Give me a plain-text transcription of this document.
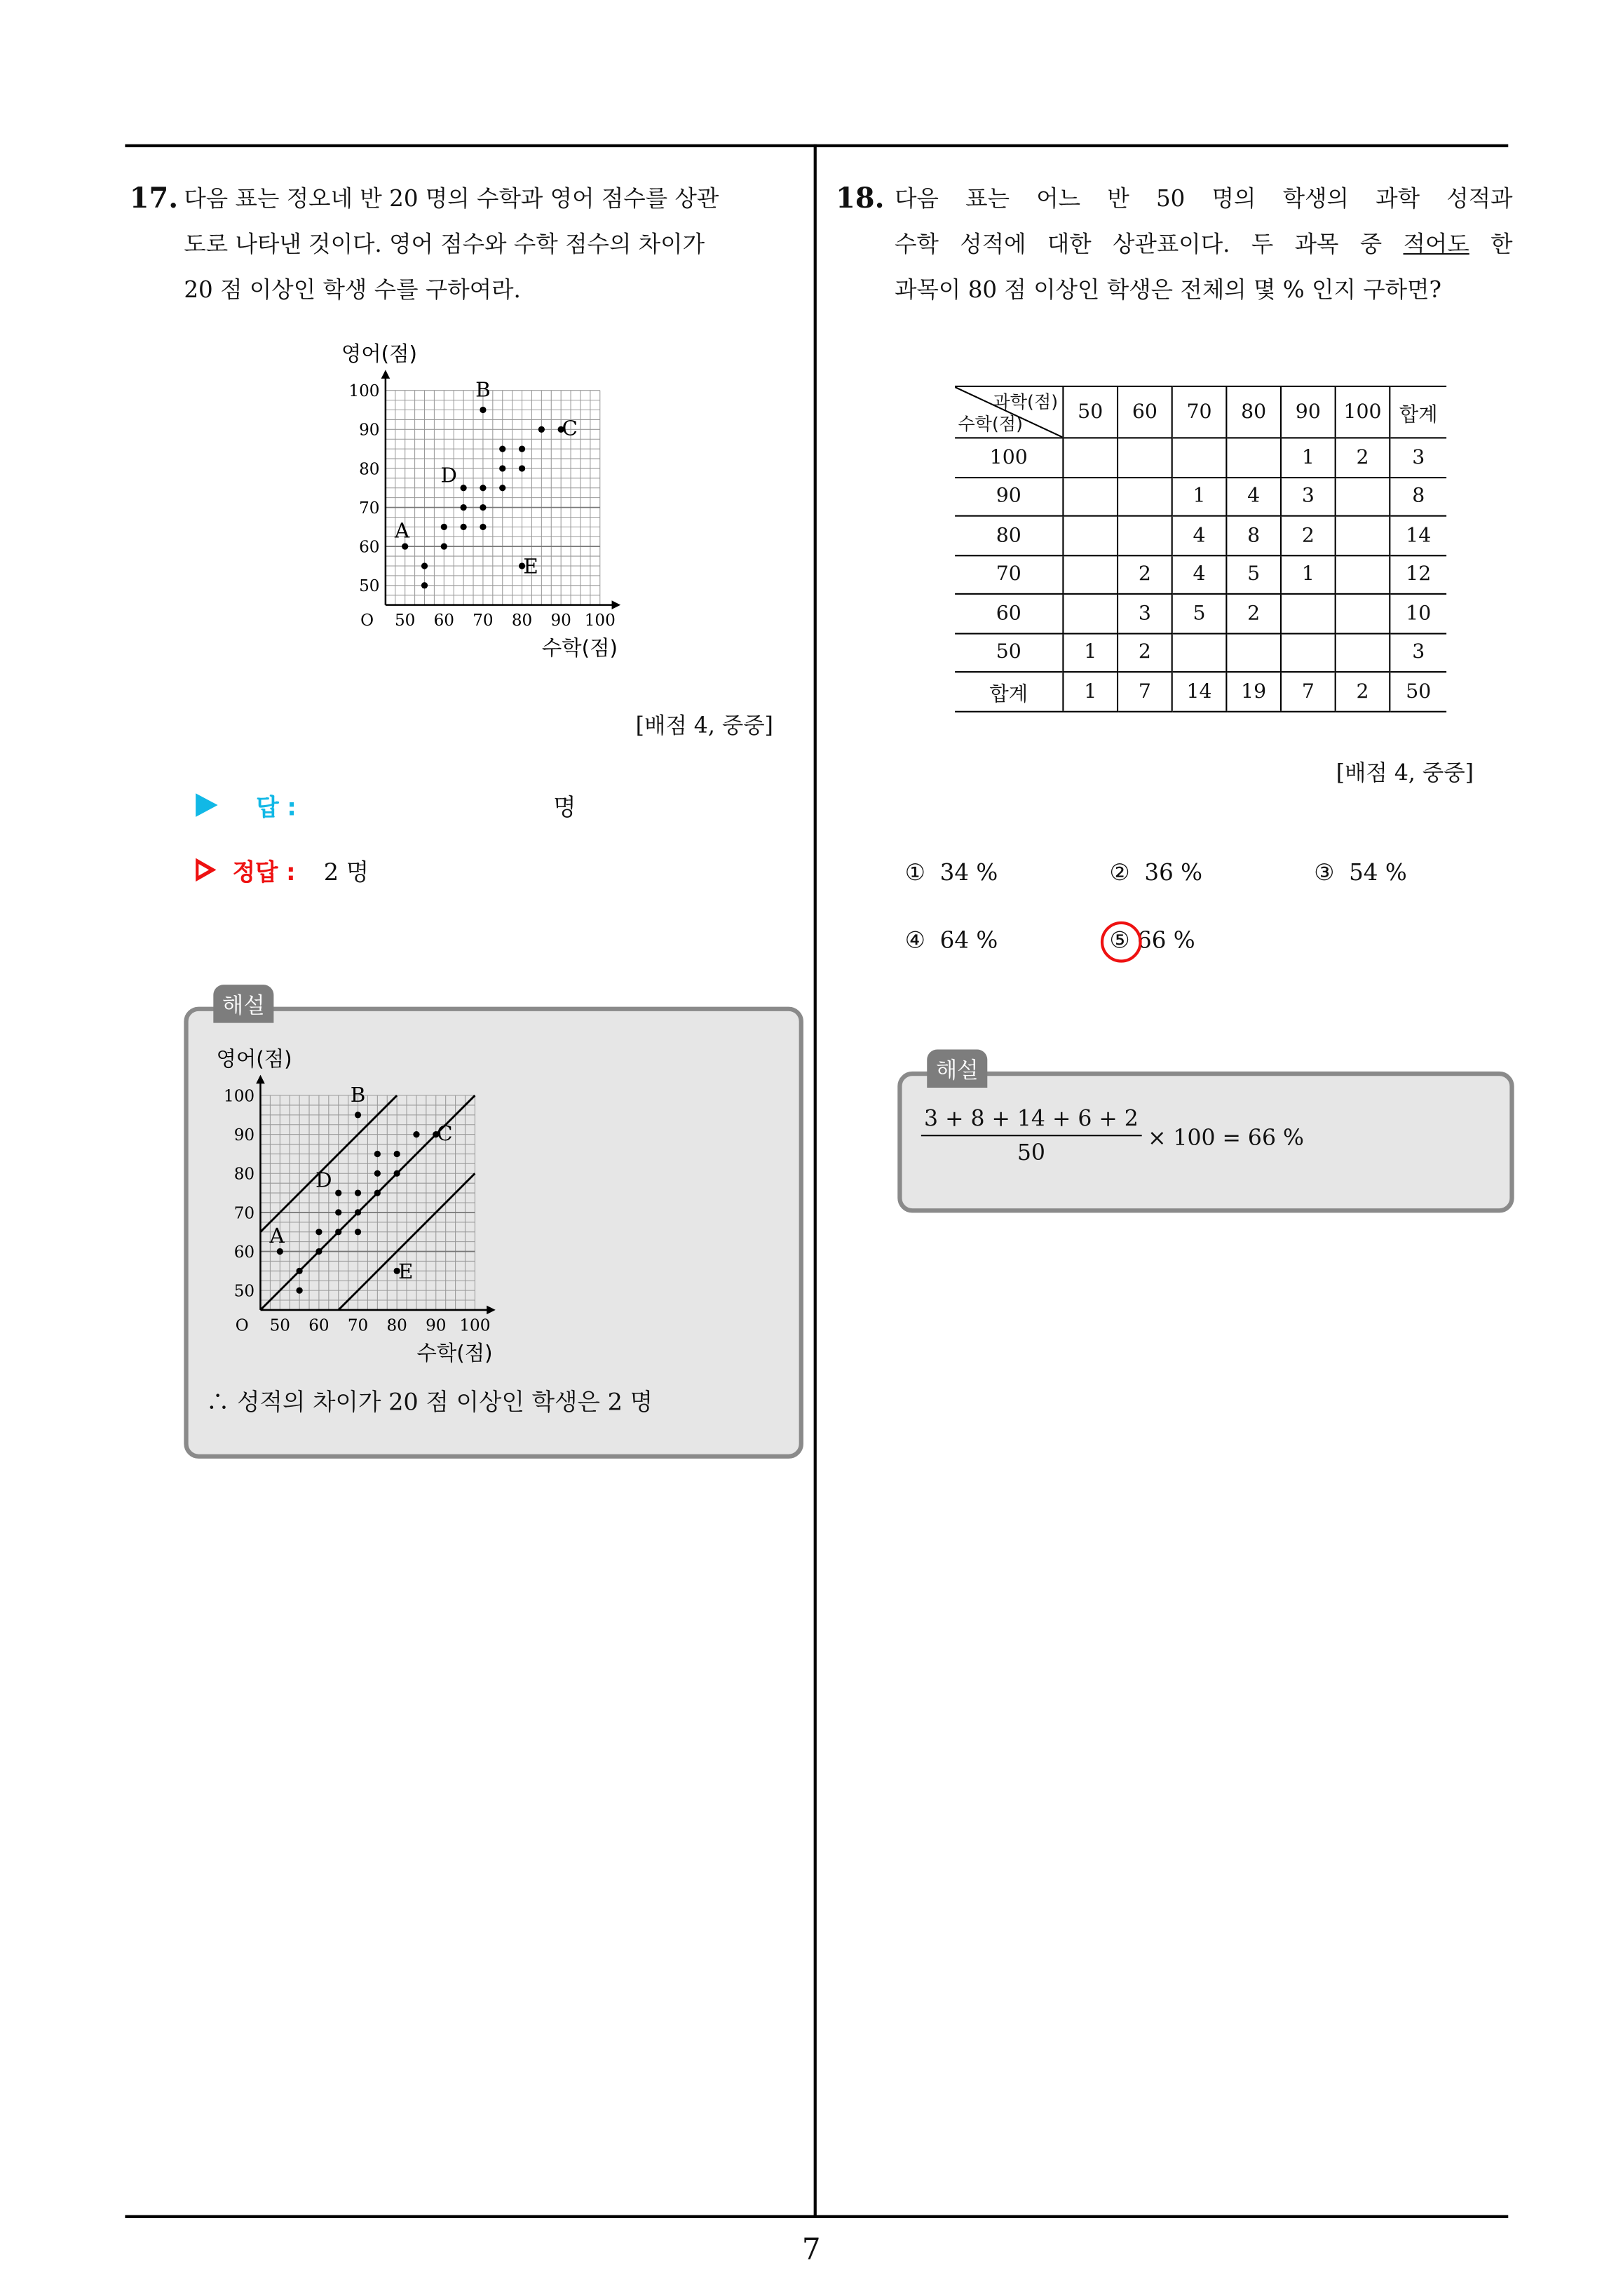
7
17. 다음 표는 정오네 반 20 명의 수학과 영어 점수를 상관
도로 나타낸 것이다. 영어 점수와 수학 점수의 차이가
20 점 이상인 학생 수를 구하여라.
50 60 70 80 90 100
50
60
70
80
90
100
O
영어(점)
수학(점)
A
B
C
D
E
[배점 4, 중중]
답 :	명
정답 :	2 명
해설
50 60 70 80 90 100
50
60
70
80
90
100
O
영어(점)
수학(점)
A
B
C
D
E
∴ 성적의 차이가 20 점 이상인 학생은 2 명
18. 다음 표는 어느 반 50 명의 학생의 과학 성적과
수학 성적에 대한 상관표이다. 두 과목 중 적어도 한
과목이 80 점 이상인 학생은 전체의 몇 % 인지 구하면?
과학(점)
수학(점)	50	60	70	80	90	100	합계
100					1	2	3
90			1	4	3		8
80			4	8	2		14
70		2	4	5	1		12
60		3	5	2			10
50	1	2					3
합계	1	7	14	19	7	2	50
[배점 4, 중중]
① 34 %	② 36 %	③ 54 %
④ 64 %	⑤ 66 %
해설
$\frac{3 + 8 + 14 + 6 + 2}{50} \times 100 = 66$ %
